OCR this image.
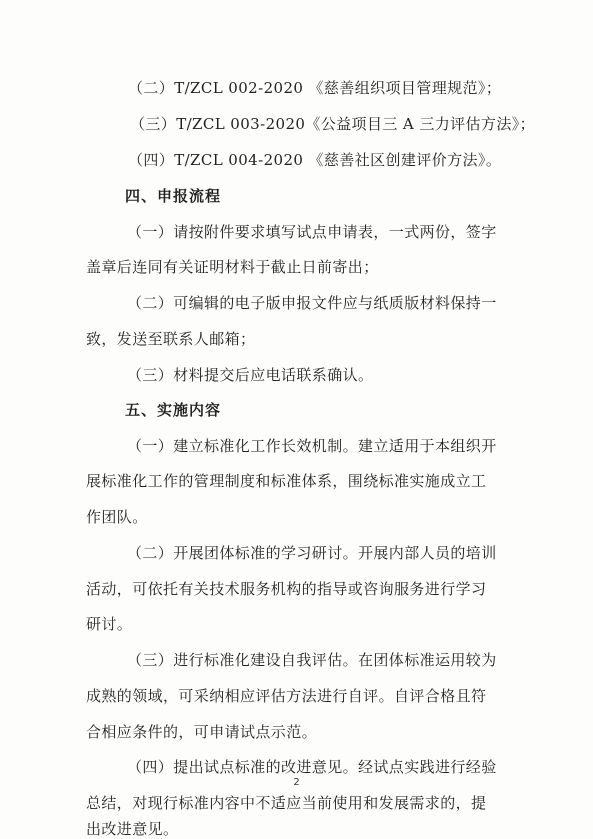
（二）T/ZCL 002-2020 《慈善组织项目管理规范》；
（三）T/ZCL 003-2020《公益项目三 A 三力评估方法》；
（四）T/ZCL 004-2020 《慈善社区创建评价方法》。
四、申报流程
（一）请按附件要求填写试点申请表，一式两份，签字
盖章后连同有关证明材料于截止日前寄出；
（二）可编辑的电子版申报文件应与纸质版材料保持一
致，发送至联系人邮箱；
（三）材料提交后应电话联系确认。
五、实施内容
（一）建立标准化工作长效机制。建立适用于本组织开
展标准化工作的管理制度和标准体系，围绕标准实施成立工
作团队。
（二）开展团体标准的学习研讨。开展内部人员的培训
活动，可依托有关技术服务机构的指导或咨询服务进行学习
研讨。
（三）进行标准化建设自我评估。在团体标准运用较为
成熟的领域，可采纳相应评估方法进行自评。自评合格且符
合相应条件的，可申请试点示范。
（四）提出试点标准的改进意见。经试点实践进行经验
总结，对现行标准内容中不适应当前使用和发展需求的，提
出改进意见。
2
